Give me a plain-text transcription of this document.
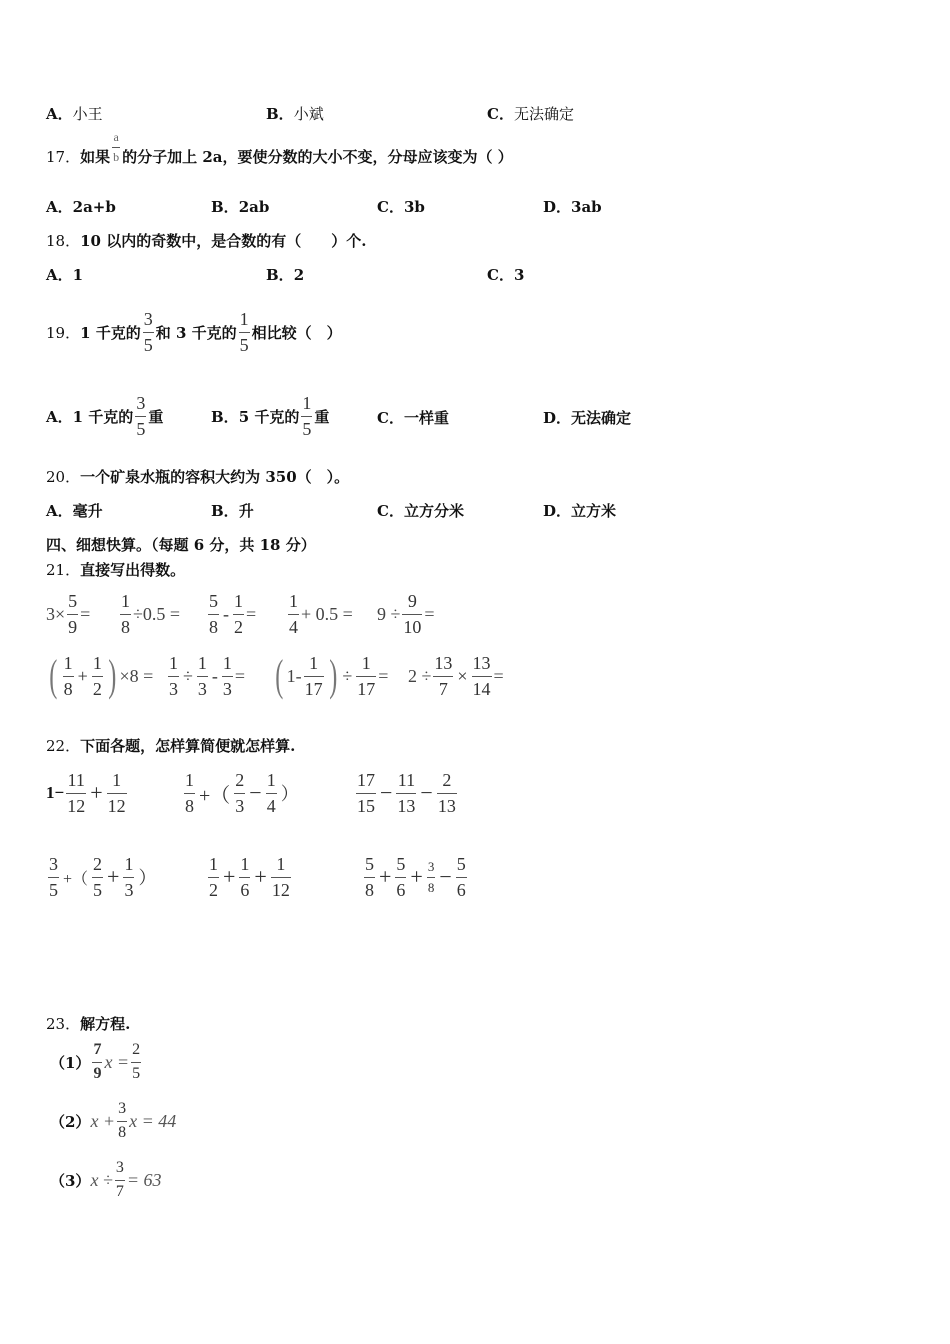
A．小王	B．小斌	C．无法确定
17． 如果 $\frac{a}{b}$ 的分子加上 2a，要使分数的大小不变，分母应该变为（ ）
A．2a+b	B．2ab	C．3b	D．3ab
18． 10 以内的奇数中，是合数的有（　　）个.
A．1	B．2	C．3
19． 1 千克的 $\frac{3}{5}$ 和 3 千克的 $\frac{1}{5}$ 相比较（　）
A． 1 千克的 $\frac{3}{5}$ 重	B． 5 千克的 $\frac{1}{5}$ 重	C．一样重	D．无法确定
20． 一个矿泉水瓶的容积大约为 350（　）。
A．毫升	B．升	C．立方分米	D．立方米
四、细想快算。（每题 6 分，共 18 分）
21． 直接写出得数。
$3\times \frac{5}{9} = \frac{1}{8} \div 0.5 = \frac{5}{8} - \frac{1}{2} = \frac{1}{4} + 0.5 = 9 \div \frac{9}{10}$ =
( $\frac{1}{8} + \frac{1}{2}$ ) $\times 8 = \frac{1}{3} \div \frac{1}{3} - \frac{1}{3}$ = ( $1- \frac{1}{17}$ ) ÷ $\frac{1}{17} = 2 \div \frac{13}{7} \times \frac{13}{14}$ =
22． 下面各题，怎样算简便就怎样算.
$1- \frac{11}{12} + \frac{1}{12}$	$\frac{1}{8}$ +（ $\frac{2}{3} - \frac{1}{4}$ ）	$\frac{17}{15} - \frac{11}{13} - \frac{2}{13}$
$\frac{3}{5}$ +（ $\frac{2}{5} + \frac{1}{3}$ ）	$\frac{1}{2} + \frac{1}{6} + \frac{1}{12}$	$\frac{5}{8} + \frac{5}{6} + \frac{3}{8} - \frac{5}{6}$
23． 解方程.
$(1) \frac{7}{9}$ $x = \frac{2}{5}$
（2） $x + \frac{3}{8}$ x = 44
（3） $x \div \frac{3}{7} = 63$
